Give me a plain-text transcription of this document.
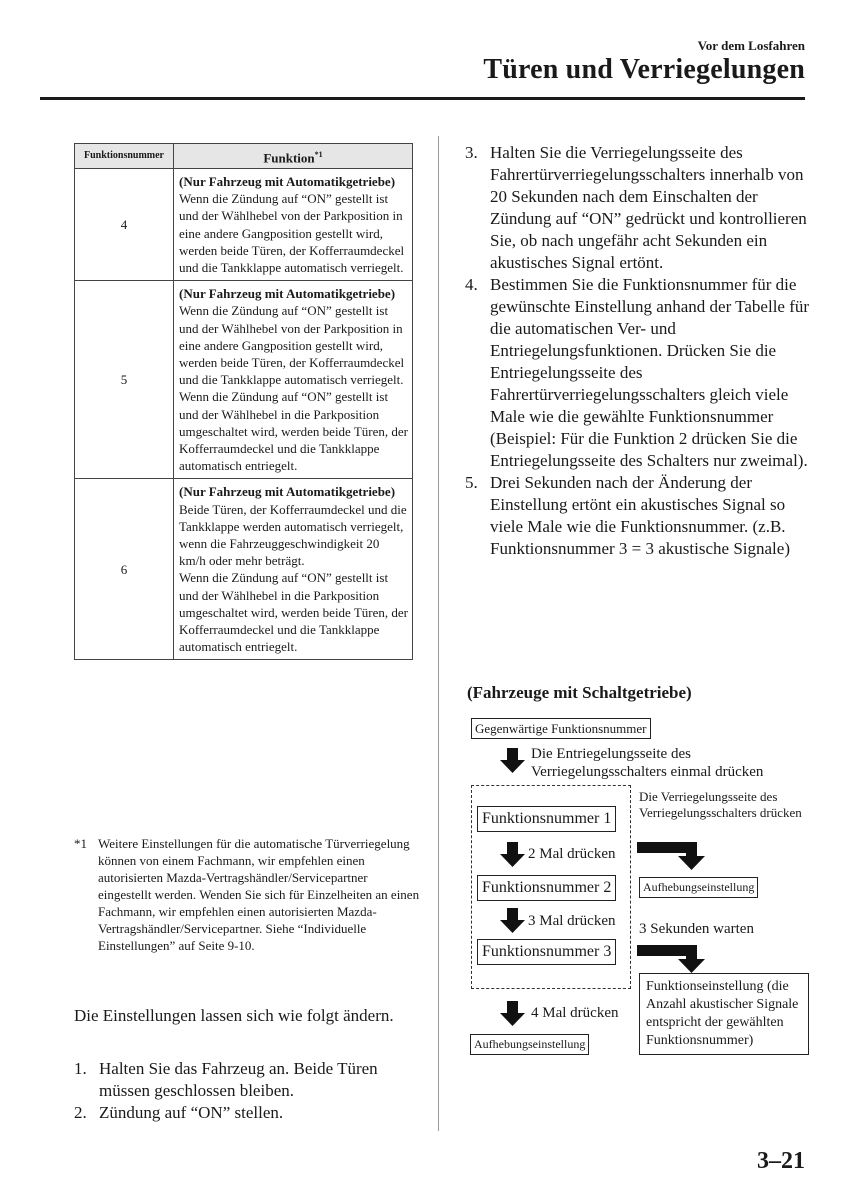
Vor dem Losfahren
Türen und Verriegelungen
Funktionsnummer	Funktion$^{*1}$
4	(Nur Fahrzeug mit Automatikgetriebe)
Wenn die Zündung auf “ON” gestellt ist und der Wählhebel von der Parkposition in eine andere Gangposition gestellt wird, werden beide Türen, der Kofferraumdeckel und die Tankklappe automatisch verriegelt.

5	(Nur Fahrzeug mit Automatikgetriebe)
Wenn die Zündung auf “ON” gestellt ist und der Wählhebel von der Parkposition in eine andere Gangposition gestellt wird, werden beide Türen, der Kofferraumdeckel und die Tankklappe automatisch verriegelt.
Wenn die Zündung auf “ON” gestellt ist und der Wählhebel in die Parkposition umgeschaltet wird, werden beide Türen, der Kofferraumdeckel und die Tankklappe automatisch entriegelt.

6	(Nur Fahrzeug mit Automatikgetriebe)
Beide Türen, der Kofferraumdeckel und die Tankklappe werden automatisch verriegelt, wenn die Fahrzeuggeschwindigkeit 20 km/h oder mehr beträgt.
Wenn die Zündung auf “ON” gestellt ist und der Wählhebel in die Parkposition umgeschaltet wird, werden beide Türen, der Kofferraumdeckel und die Tankklappe automatisch entriegelt.
*1 Weitere Einstellungen für die automatische Türverriegelung können von einem Fachmann, wir empfehlen einen autorisierten Mazda-Vertragshändler/Servicepartner eingestellt werden. Wenden Sie sich für Einzelheiten an einen Fachmann, wir empfehlen einen autorisierten Mazda-Vertragshändler/Servicepartner. Siehe “Individuelle Einstellungen” auf Seite 9-10.
Die Einstellungen lassen sich wie folgt ändern.
1. Halten Sie das Fahrzeug an. Beide Türen müssen geschlossen bleiben.
2. Zündung auf “ON” stellen.
3. Halten Sie die Verriegelungsseite des Fahrertürverriegelungsschalters innerhalb von 20 Sekunden nach dem Einschalten der Zündung auf “ON” gedrückt und kontrollieren Sie, ob nach ungefähr acht Sekunden ein akustisches Signal ertönt.
4. Bestimmen Sie die Funktionsnummer für die gewünschte Einstellung anhand der Tabelle für die automatischen Ver- und Entriegelungsfunktionen. Drücken Sie die Entriegelungsseite des Fahrertürverriegelungsschalters gleich viele Male wie die gewählte Funktionsnummer (Beispiel: Für die Funktion 2 drücken Sie die Entriegelungsseite des Schalters nur zweimal).
5. Drei Sekunden nach der Änderung der Einstellung ertönt ein akustisches Signal so viele Male wie die Funktionsnummer. (z.B. Funktionsnummer 3 = 3 akustische Signale)
(Fahrzeuge mit Schaltgetriebe)
Gegenwärtige Funktionsnummer
Die Entriegelungsseite des
Verriegelungsschalters einmal drücken
Funktionsnummer 1
2 Mal drücken
Funktionsnummer 2
3 Mal drücken
Funktionsnummer 3
Die Verriegelungsseite des Verriegelungsschalters drücken
Aufhebungseinstellung
3 Sekunden warten
Funktionseinstellung (die Anzahl akustischer Signale entspricht der gewählten Funktionsnummer)
4 Mal drücken
Aufhebungseinstellung
3–21
